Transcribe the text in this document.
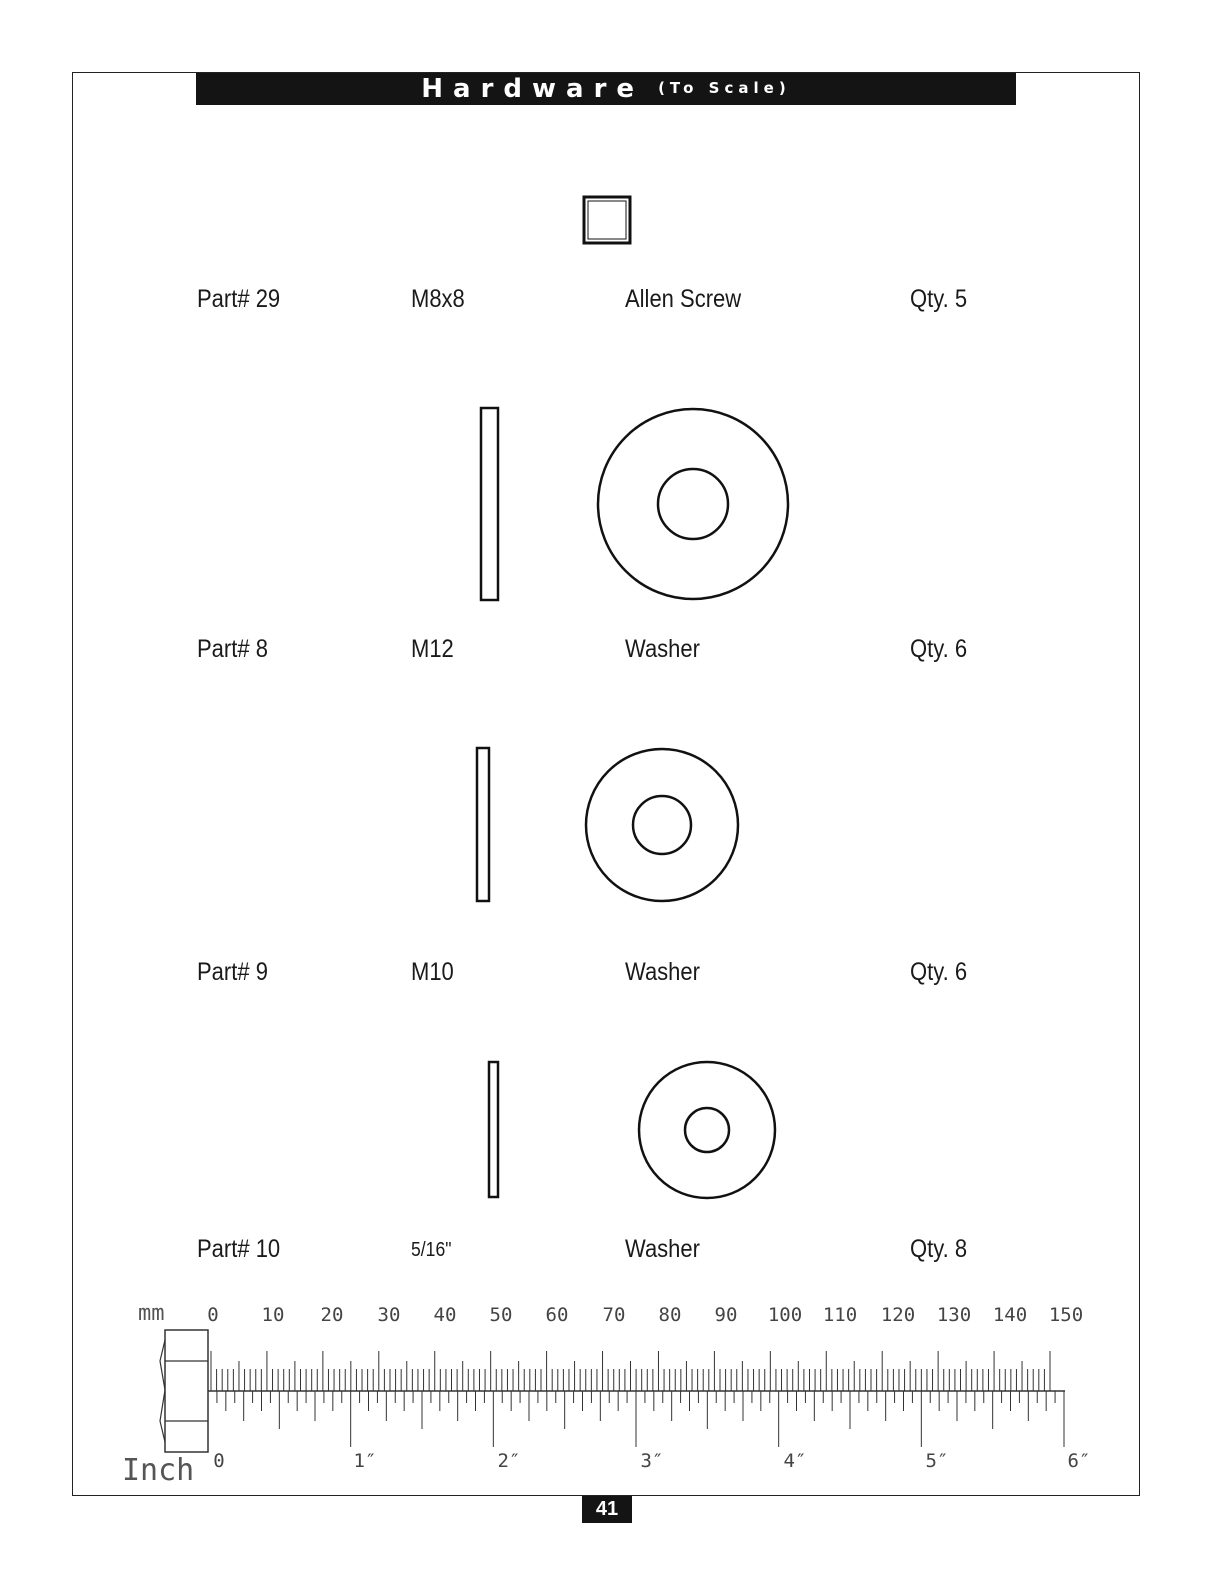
Hardware (To Scale)
mm
Inch
0 10 20 30 40 50 60 70 80 90 100 110 120 130 140 150
0	1″	2″	3″	4″	5″	6″
Part# 29	M8x8	Allen Screw	Qty. 5
Part# 8	M12	Washer	Qty. 6
Part# 9	M10	Washer	Qty. 6
Part# 10	5/16"	Washer	Qty. 8
41
